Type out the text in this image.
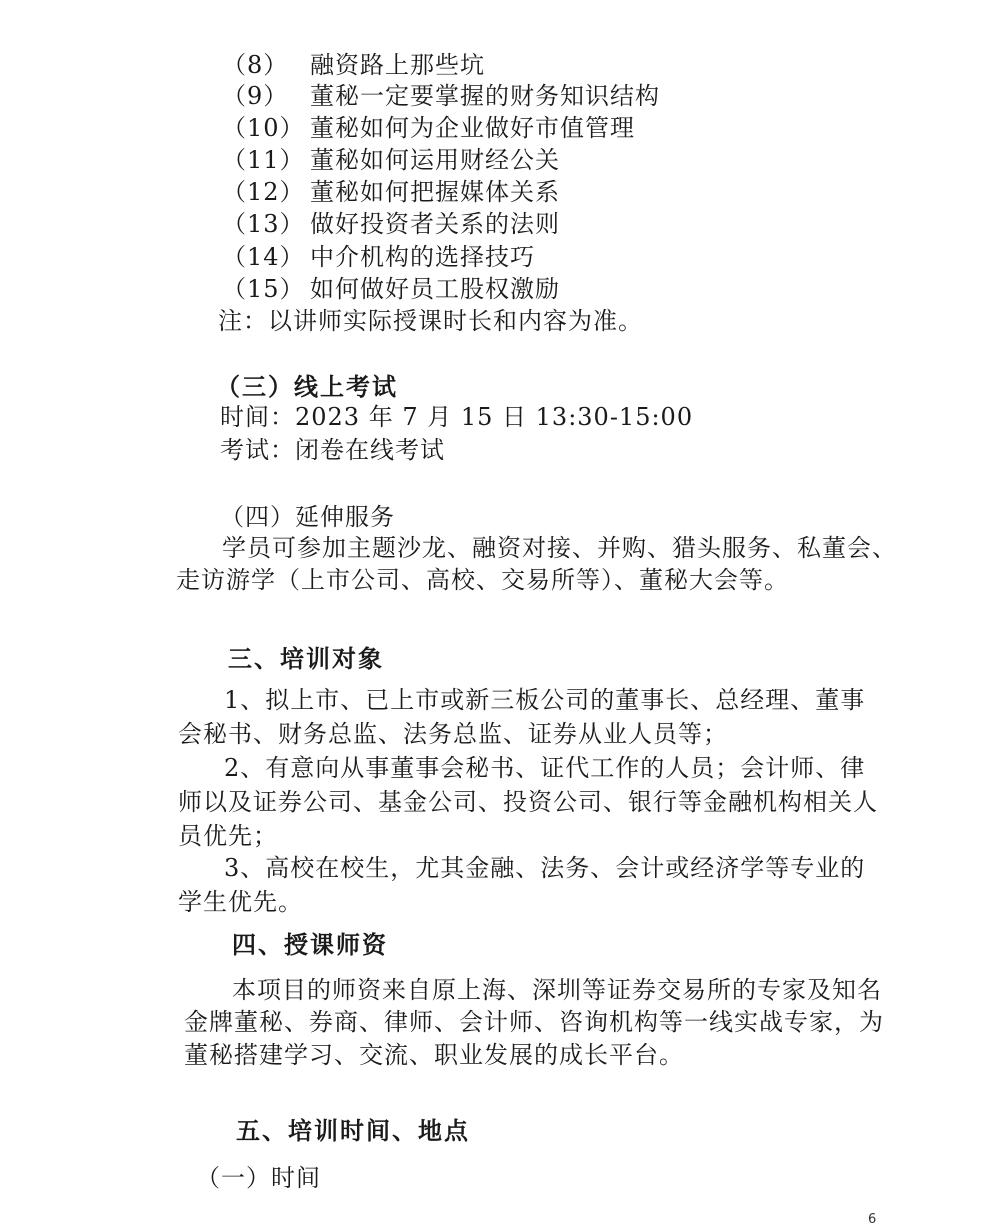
（8） 融资路上那些坑
（9） 董秘一定要掌握的财务知识结构
（10） 董秘如何为企业做好市值管理
（11） 董秘如何运用财经公关
（12） 董秘如何把握媒体关系
（13） 做好投资者关系的法则
（14） 中介机构的选择技巧
（15） 如何做好员工股权激励
注：以讲师实际授课时长和内容为准。
（三）线上考试
时间：2023 年 7 月 15 日 13:30-15:00
考试：闭卷在线考试
（四）延伸服务
学员可参加主题沙龙、融资对接、并购、猎头服务、私董会、
走访游学（上市公司、高校、交易所等）、董秘大会等。
三、培训对象
1、拟上市、已上市或新三板公司的董事长、总经理、董事
会秘书、财务总监、法务总监、证券从业人员等；
2、有意向从事董事会秘书、证代工作的人员；会计师、律
师以及证券公司、基金公司、投资公司、银行等金融机构相关人
员优先；
3、高校在校生，尤其金融、法务、会计或经济学等专业的
学生优先。
四、授课师资
本项目的师资来自原上海、深圳等证券交易所的专家及知名
金牌董秘、券商、律师、会计师、咨询机构等一线实战专家，为
董秘搭建学习、交流、职业发展的成长平台。
五、培训时间、地点
（一）时间
6
